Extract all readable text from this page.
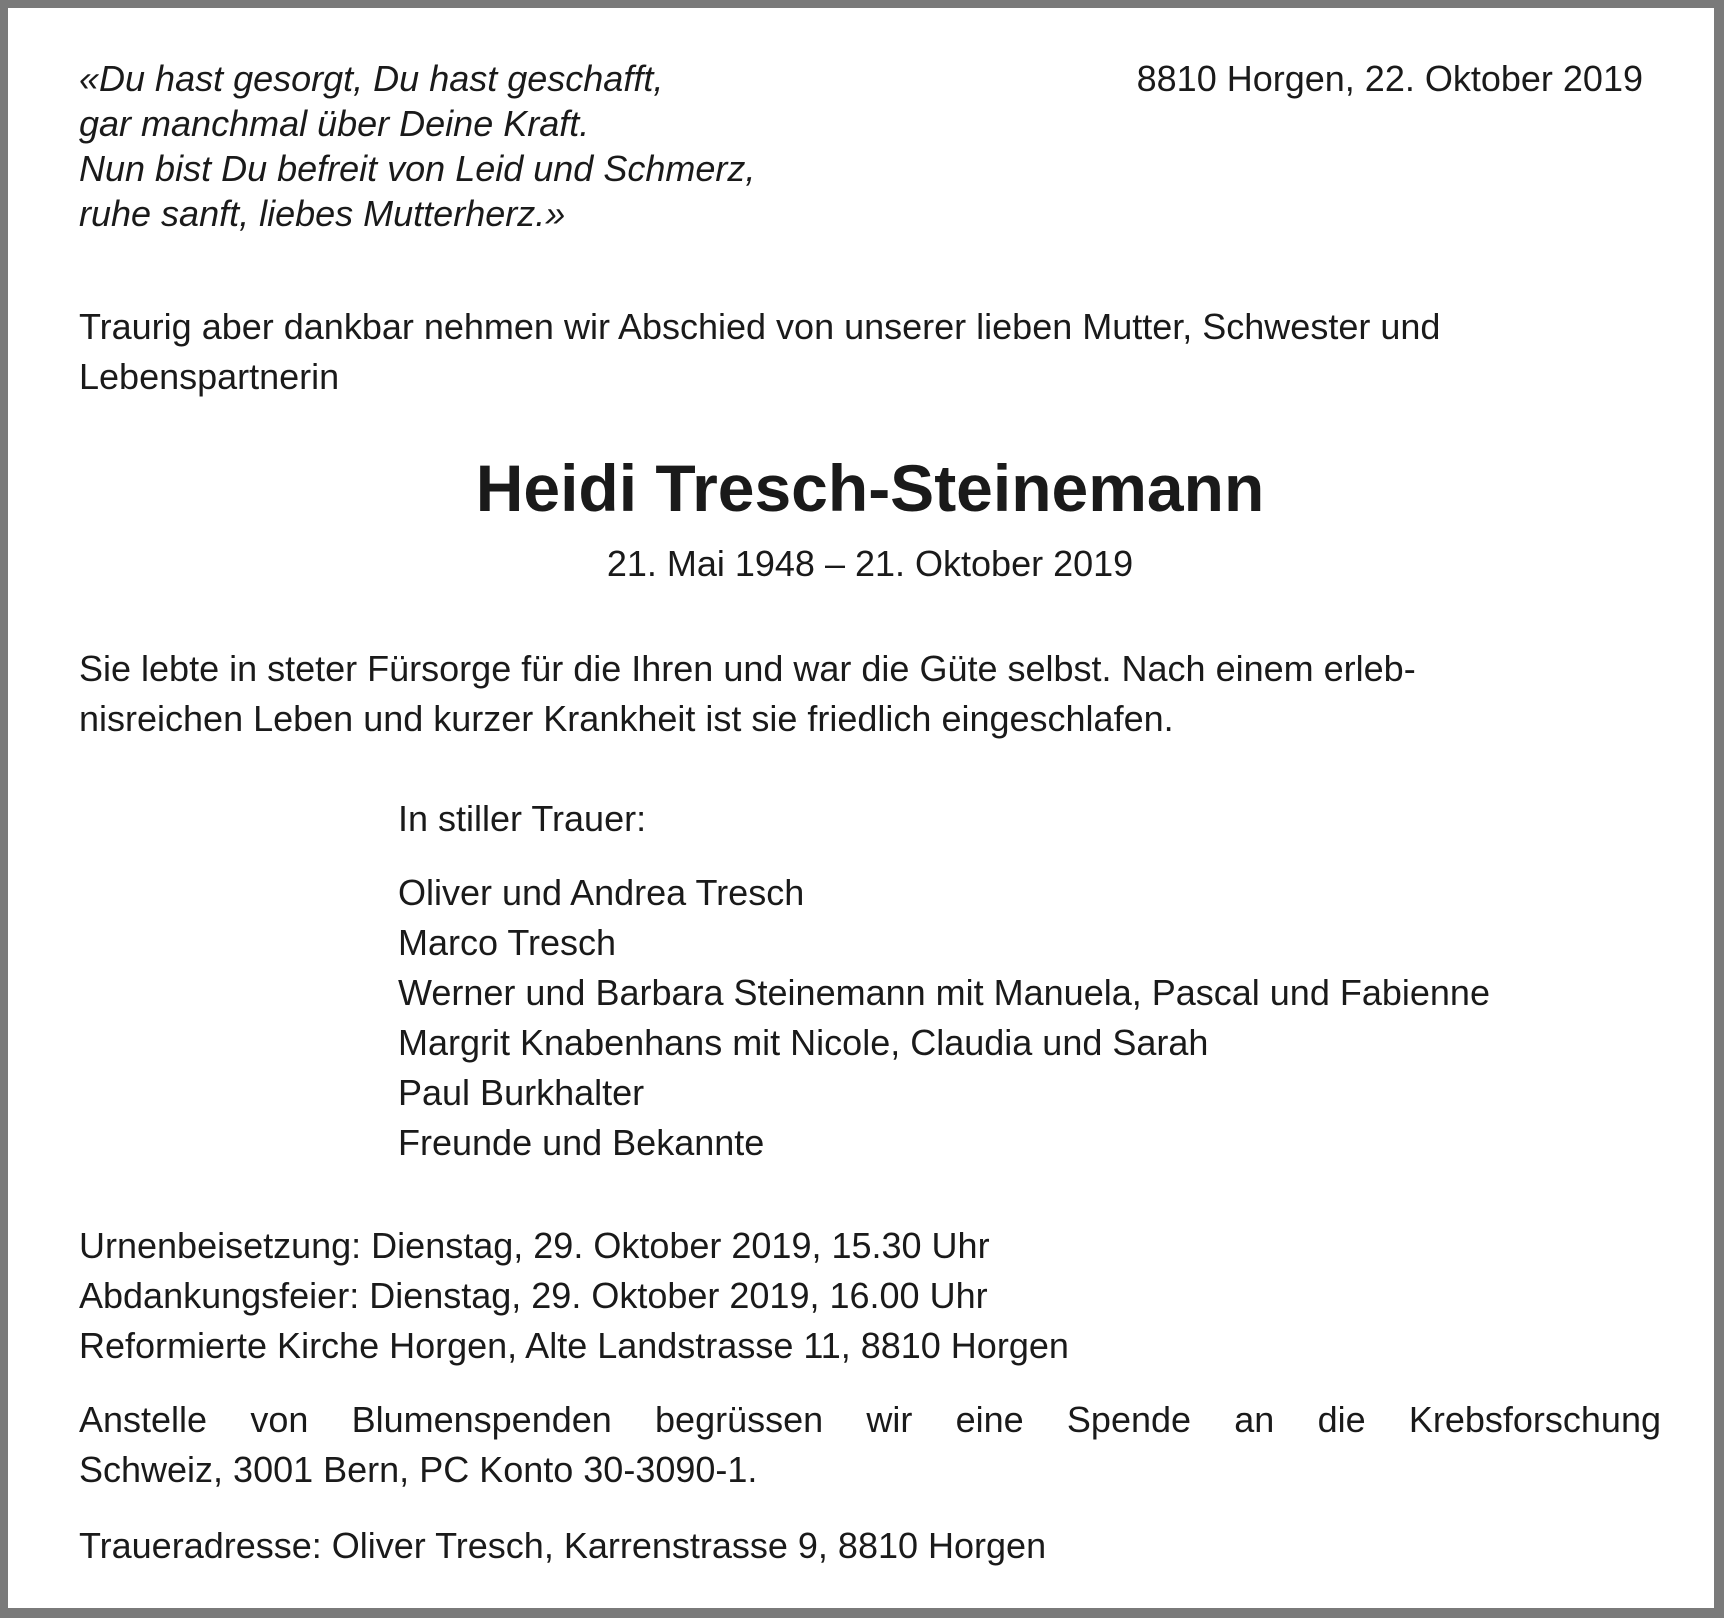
«Du hast gesorgt, Du hast geschafft,
gar manchmal über Deine Kraft.
Nun bist Du befreit von Leid und Schmerz,
ruhe sanft, liebes Mutterherz.»
8810 Horgen, 22. Oktober 2019
Traurig aber dankbar nehmen wir Abschied von unserer lieben Mutter, Schwester und Lebenspartnerin
Heidi Tresch-Steinemann
21. Mai 1948 – 21. Oktober 2019
Sie lebte in steter Fürsorge für die Ihren und war die Güte selbst. Nach einem erleb-
nisreichen Leben und kurzer Krankheit ist sie friedlich eingeschlafen.
In stiller Trauer:
Oliver und Andrea Tresch
Marco Tresch
Werner und Barbara Steinemann mit Manuela, Pascal und Fabienne
Margrit Knabenhans mit Nicole, Claudia und Sarah
Paul Burkhalter
Freunde und Bekannte
Urnenbeisetzung: Dienstag, 29. Oktober 2019, 15.30 Uhr
Abdankungsfeier: Dienstag, 29. Oktober 2019, 16.00 Uhr
Reformierte Kirche Horgen, Alte Landstrasse 11, 8810 Horgen
Anstelle von Blumenspenden begrüssen wir eine Spende an die Krebsforschung
Schweiz, 3001 Bern, PC Konto 30-3090-1.
Traueradresse: Oliver Tresch, Karrenstrasse 9, 8810 Horgen
